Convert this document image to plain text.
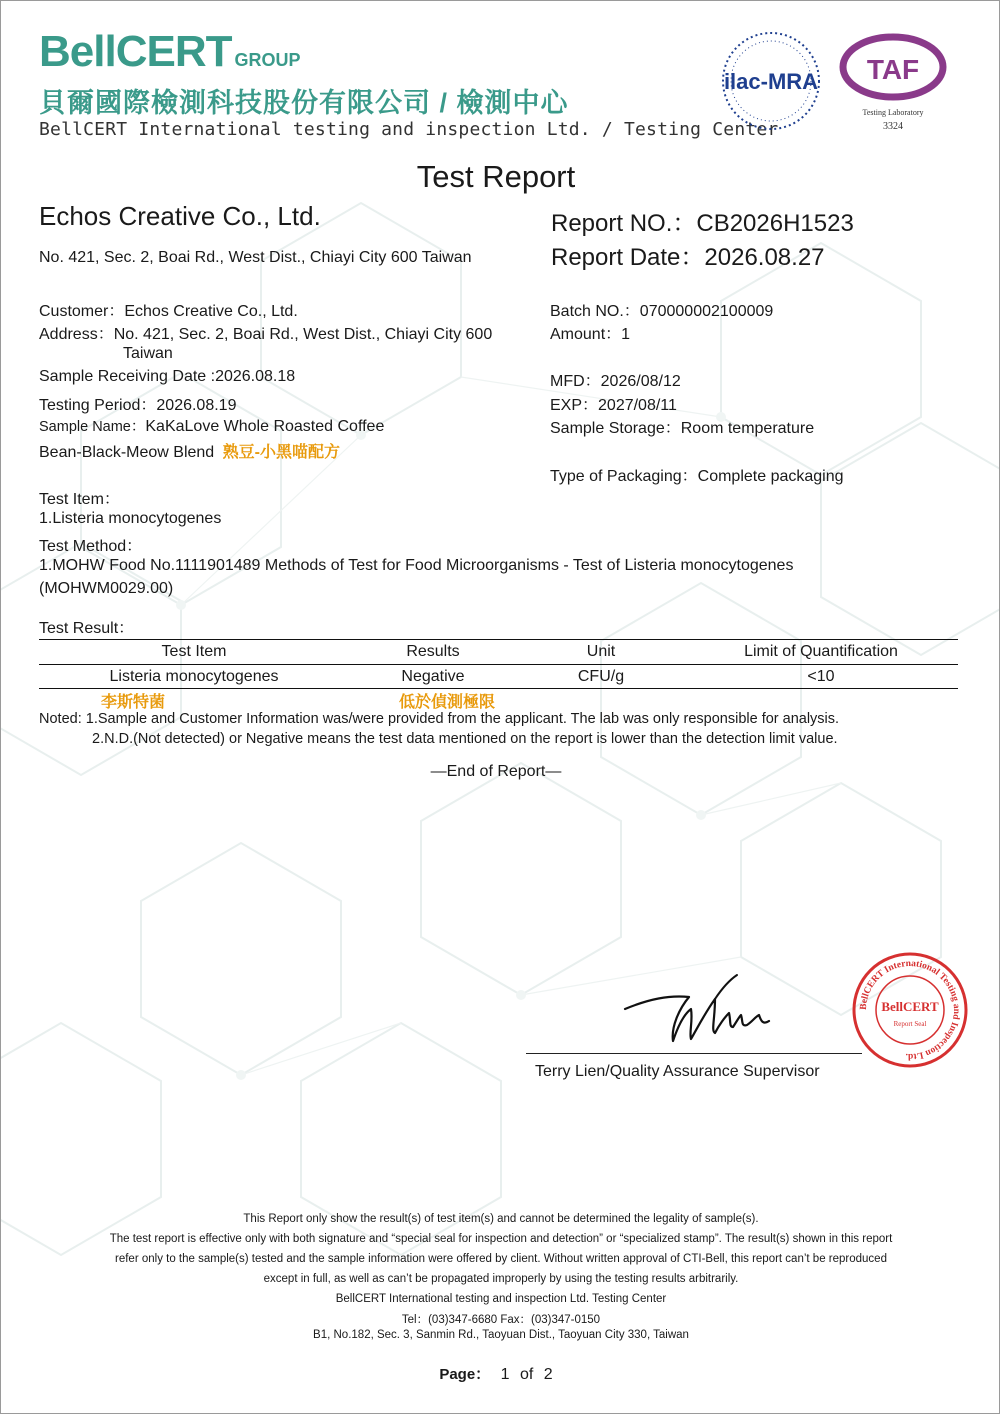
BellCERT GROUP
貝爾國際檢測科技股份有限公司 / 檢測中心
BellCERT International testing and inspection Ltd. / Testing Center
ilac-MRA TAF
Testing Laboratory
3324
Test Report
Echos Creative Co., Ltd.
No. 421, Sec. 2, Boai Rd., West Dist., Chiayi City 600 Taiwan
Report NO.：CB2026H1523
Report Date：2026.08.27
Customer：Echos Creative Co., Ltd.
Address：No. 421, Sec. 2, Boai Rd., West Dist., Chiayi City 600
Taiwan
Sample Receiving Date :2026.08.18
Testing Period：2026.08.19
Sample Name：KaKaLove Whole Roasted Coffee
Bean-Black-Meow Blend 熟豆-小黑喵配方
Batch NO.：070000002100009
Amount：1
MFD：2026/08/12
EXP：2027/08/11
Sample Storage：Room temperature
Type of Packaging：Complete packaging
Test Item：
1.Listeria monocytogenes
Test Method：
1.MOHW Food No.1111901489 Methods of Test for Food Microorganisms - Test of Listeria monocytogenes
(MOHWM0029.00)
Test Result：
Test Item	Results	Unit	Limit of Quantification
Listeria monocytogenes	Negative	CFU/g	<10
李斯特菌	低於偵測極限
Noted: 1.Sample and Customer Information was/were provided from the applicant. The lab was only responsible for analysis.
2.N.D.(Not detected) or Negative means the test data mentioned on the report is lower than the detection limit value.
—End of Report—
Terry Lien/Quality Assurance Supervisor
BellCERT International Testing and Inspection Ltd.
BellCERT
Report Seal
This Report only show the result(s) of test item(s) and cannot be determined the legality of sample(s).
The test report is effective only with both signature and “special seal for inspection and detection” or “specialized stamp”. The result(s) shown in this report
refer only to the sample(s) tested and the sample information were offered by client. Without written approval of CTI-Bell, this report can’t be reproduced
except in full, as well as can’t be propagated improperly by using the testing results arbitrarily.
BellCERT International testing and inspection Ltd. Testing Center
Tel：(03)347-6680 Fax：(03)347-0150
B1, No.182, Sec. 3, Sanmin Rd., Taoyuan Dist., Taoyuan City 330, Taiwan
Page： 1 of 2
